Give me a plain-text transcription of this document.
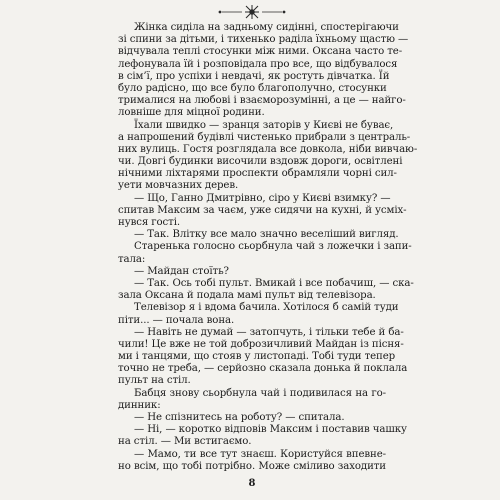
Жінка сиділа на задньому сидінні, спостерігаючи
зі спини за дітьми, і тихенько раділа їхньому щастю —
відчувала теплі стосунки між ними. Оксана часто те-
лефонувала їй і розповідала про все, що відбувалося
в сім’ї, про успіхи і невдачі, як ростуть дівчатка. Їй
було радісно, що все було благополучно, стосунки
трималися на любові і взаєморозумінні, а це — найго-
ловніше для міцної родини.
Їхали швидко — зранця заторів у Києві не буває,
а напрошений будівлі чистенько прибрали з централь-
них вулиць. Гостя розглядала все довкола, ніби вивчаю-
чи. Довгі будинки височили вздовж дороги, освітлені
нічними ліхтарями проспекти обрамляли чорні сил-
уети мовчазних дерев.
— Що, Ганно Дмитрівно, сіро у Києві взимку? —
спитав Максим за чаєм, уже сидячи на кухні, й усміх-
нувся гості.
— Так. Влітку все мало значно веселіший вигляд.
Старенька голосно сьорбнула чай з ложечки і запи-
тала:
— Майдан стоїть?
— Так. Ось тобі пульт. Вмикай і все побачиш, — ска-
зала Оксана й подала мамі пульт від телевізора.
Телевізор я і вдома бачила. Хотілося б самій туди
піти... — почала вона.
— Навіть не думай — затопчуть, і тільки тебе й ба-
чили! Це вже не той доброзичливий Майдан із пісня-
ми і танцями, що стояв у листопаді. Тобі туди тепер
точно не треба, — серйозно сказала донька й поклала
пульт на стіл.
Бабця знову сьорбнула чай і подивилася на го-
динник:
— Не спізнитесь на роботу? — спитала.
— Ні, — коротко відповів Максим і поставив чашку
на стіл. — Ми встигаємо.
— Мамо, ти все тут знаєш. Користуйся впевне-
но всім, що тобі потрібно. Може сміливо заходити
8
